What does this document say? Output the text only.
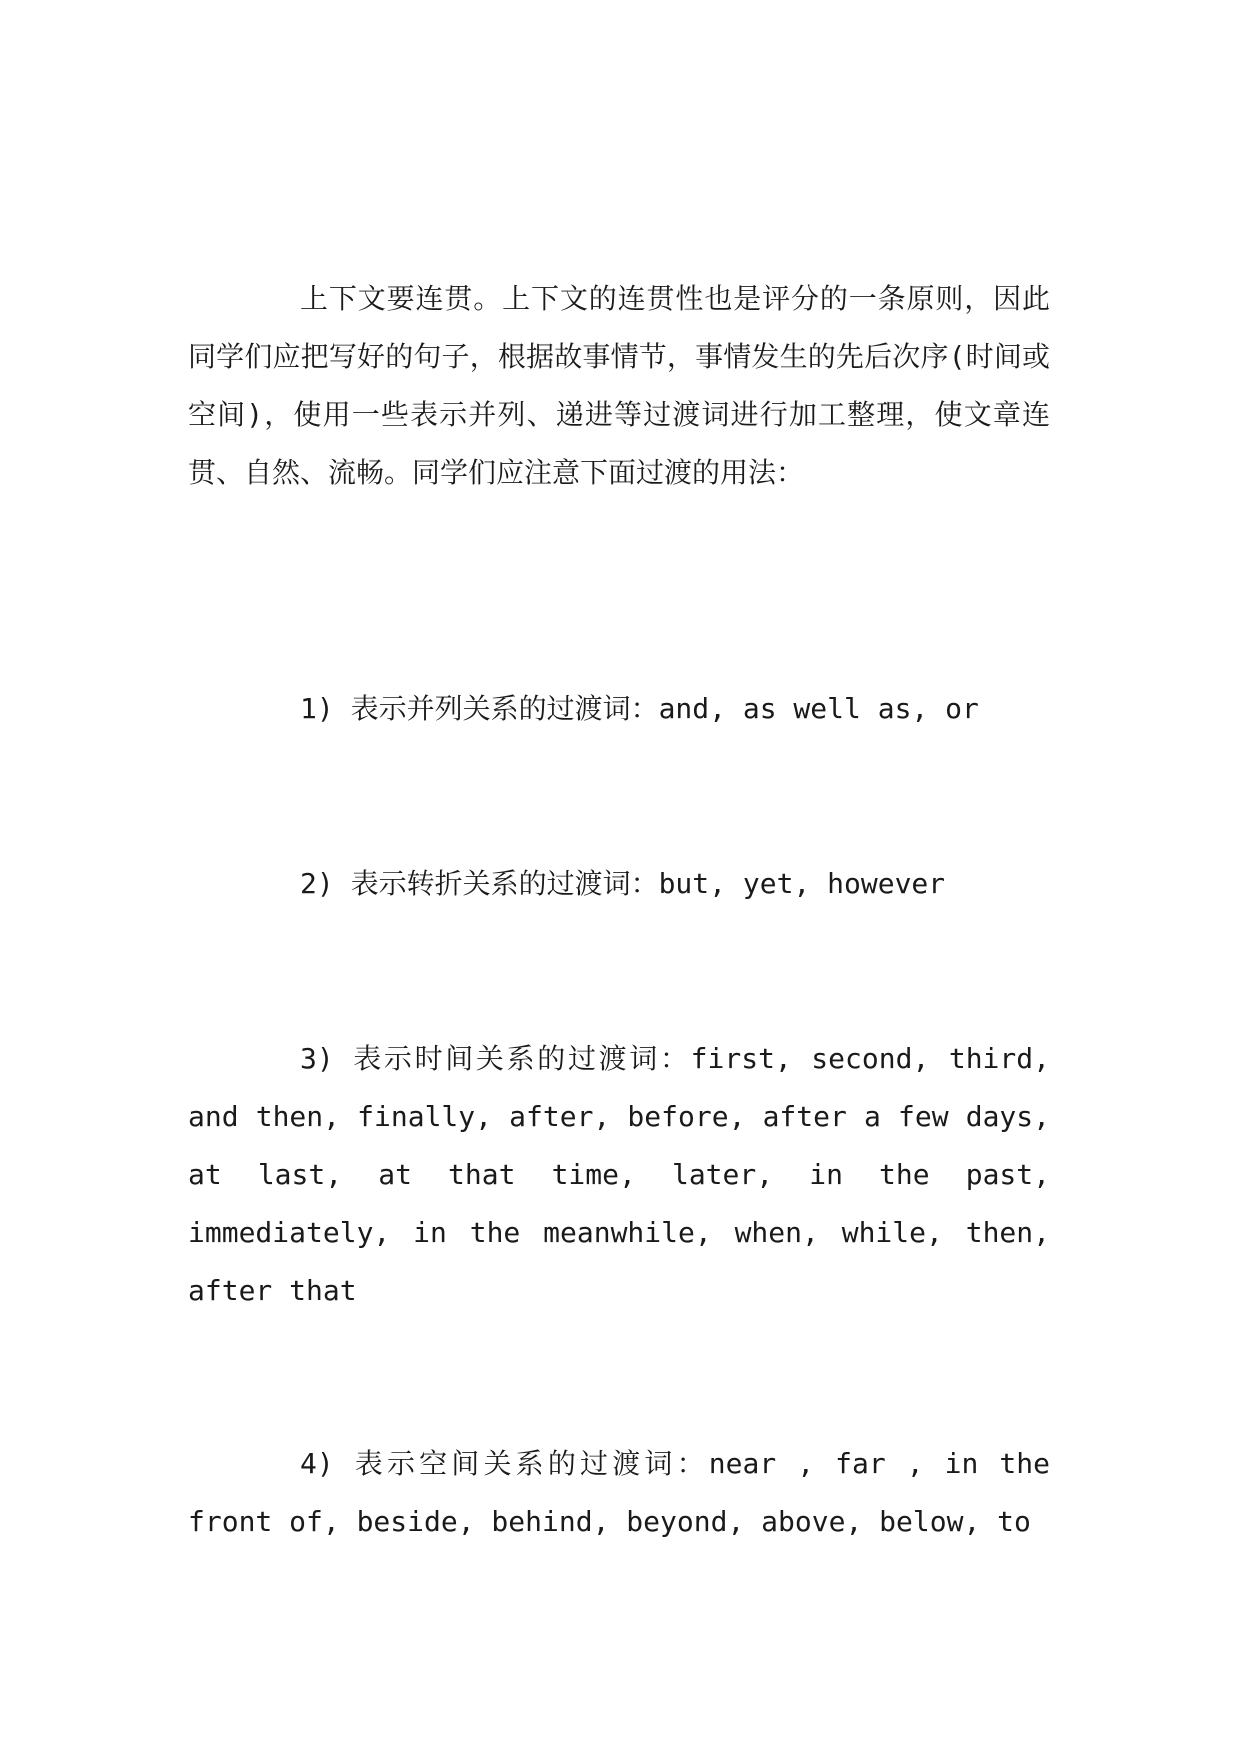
上下文要连贯。上下文的连贯性也是评分的一条原则，因此同学们应把写好的句子，根据故事情节，事情发生的先后次序(时间或空间)，使用一些表示并列、递进等过渡词进行加工整理，使文章连贯、自然、流畅。同学们应注意下面过渡的用法：

1) 表示并列关系的过渡词：and, as well as, or

2) 表示转折关系的过渡词：but, yet, however

3) 表示时间关系的过渡词：first, second, third, and then, finally, after, before, after a few days, at last, at that time, later, in the past, immediately, in the meanwhile, when, while, then, after that

4) 表示空间关系的过渡词：near , far , in the front of, beside, behind, beyond, above, below, to
